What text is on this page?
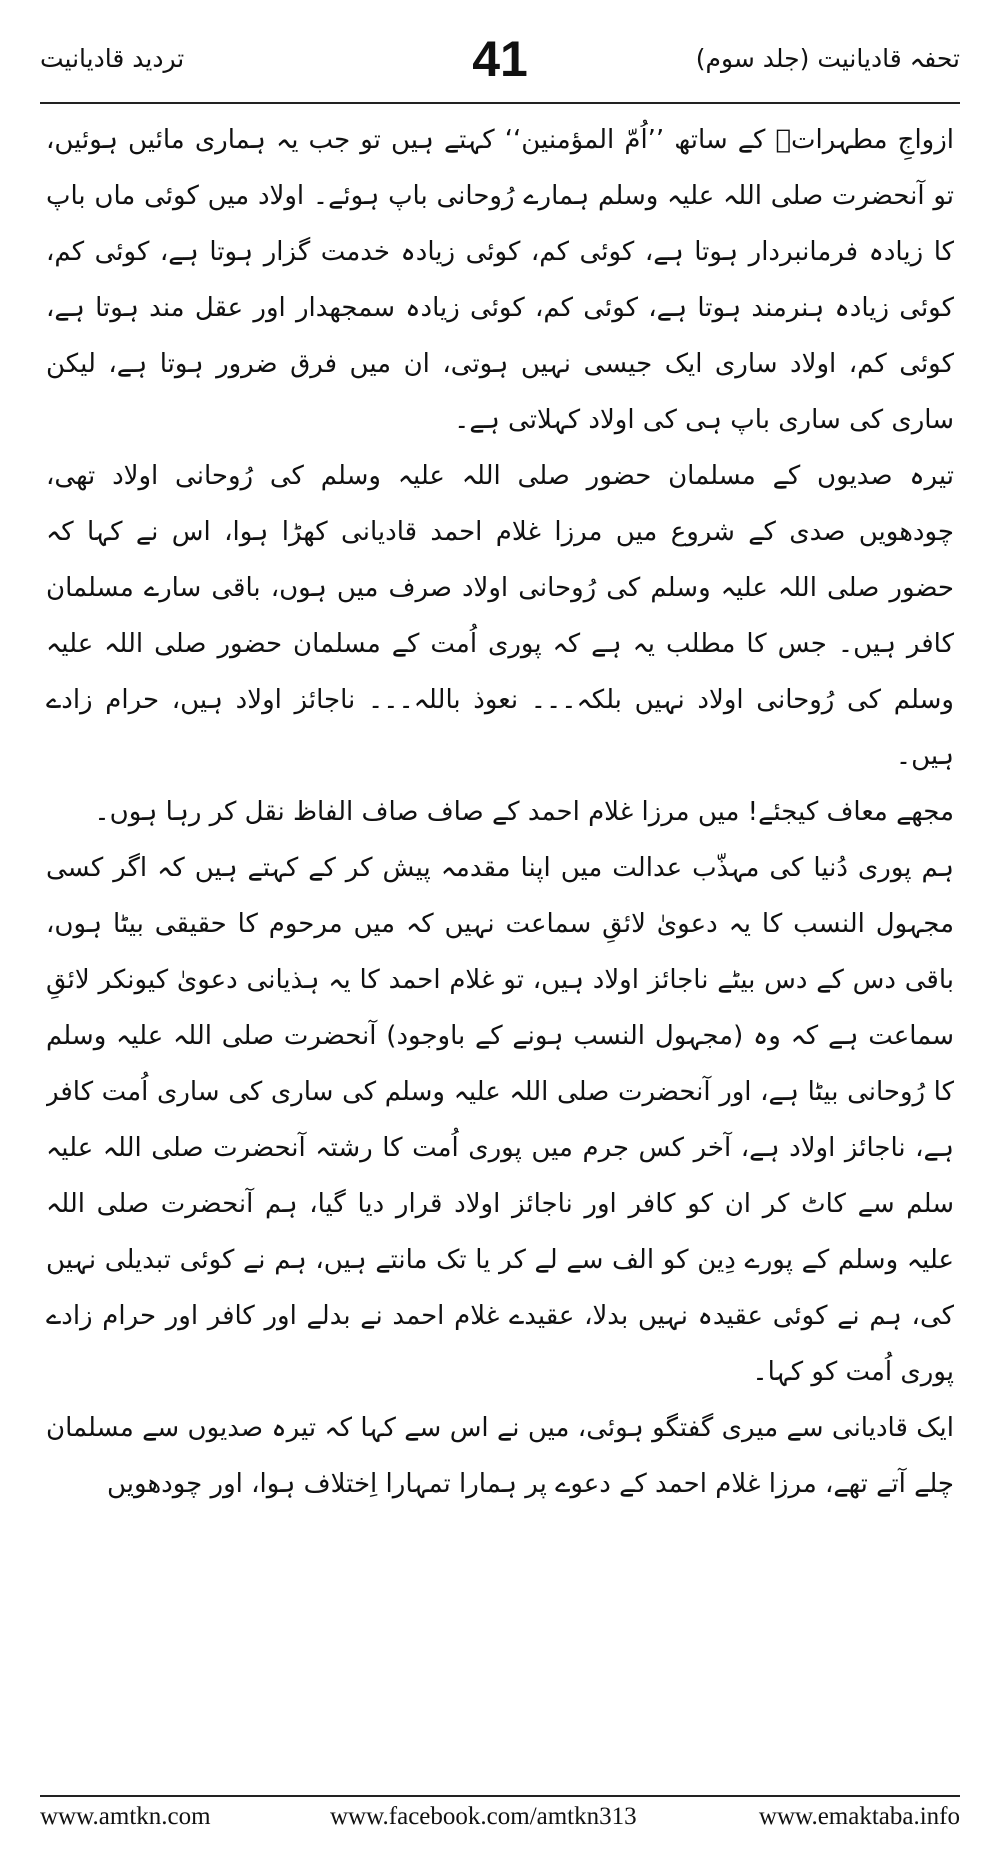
تردید قادیانیت	41	تحفہ قادیانیت (جلد سوم)

ازواجِ مطہراتؓ کے ساتھ ’’اُمّ المؤمنین‘‘ کہتے ہیں تو جب یہ ہماری مائیں ہوئیں، تو آنحضرت صلی اللہ علیہ وسلم ہمارے رُوحانی باپ ہوئے۔ اولاد میں کوئی ماں باپ کا زیادہ فرمانبردار ہوتا ہے، کوئی کم، کوئی زیادہ خدمت گزار ہوتا ہے، کوئی کم، کوئی زیادہ ہنرمند ہوتا ہے، کوئی کم، کوئی زیادہ سمجھدار اور عقل مند ہوتا ہے، کوئی کم، اولاد ساری ایک جیسی نہیں ہوتی، ان میں فرق ضرور ہوتا ہے، لیکن ساری کی ساری باپ ہی کی اولاد کہلاتی ہے۔

تیرہ صدیوں کے مسلمان حضور صلی اللہ علیہ وسلم کی رُوحانی اولاد تھی، چودھویں صدی کے شروع میں مرزا غلام احمد قادیانی کھڑا ہوا، اس نے کہا کہ حضور صلی اللہ علیہ وسلم کی رُوحانی اولاد صرف میں ہوں، باقی سارے مسلمان کافر ہیں۔ جس کا مطلب یہ ہے کہ پوری اُمت کے مسلمان حضور صلی اللہ علیہ وسلم کی رُوحانی اولاد نہیں بلکہ۔۔۔ نعوذ باللہ۔۔۔ ناجائز اولاد ہیں، حرام زادے ہیں۔

مجھے معاف کیجئے! میں مرزا غلام احمد کے صاف صاف الفاظ نقل کر رہا ہوں۔

ہم پوری دُنیا کی مہذّب عدالت میں اپنا مقدمہ پیش کر کے کہتے ہیں کہ اگر کسی مجہول النسب کا یہ دعویٰ لائقِ سماعت نہیں کہ میں مرحوم کا حقیقی بیٹا ہوں، باقی دس کے دس بیٹے ناجائز اولاد ہیں، تو غلام احمد کا یہ ہذیانی دعویٰ کیونکر لائقِ سماعت ہے کہ وہ (مجہول النسب ہونے کے باوجود) آنحضرت صلی اللہ علیہ وسلم کا رُوحانی بیٹا ہے، اور آنحضرت صلی اللہ علیہ وسلم کی ساری کی ساری اُمت کافر ہے، ناجائز اولاد ہے، آخر کس جرم میں پوری اُمت کا رشتہ آنحضرت صلی اللہ علیہ سلم سے کاٹ کر ان کو کافر اور ناجائز اولاد قرار دیا گیا، ہم آنحضرت صلی اللہ علیہ وسلم کے پورے دِین کو الف سے لے کر یا تک مانتے ہیں، ہم نے کوئی تبدیلی نہیں کی، ہم نے کوئی عقیدہ نہیں بدلا، عقیدے غلام احمد نے بدلے اور کافر اور حرام زادے پوری اُمت کو کہا۔

ایک قادیانی سے میری گفتگو ہوئی، میں نے اس سے کہا کہ تیرہ صدیوں سے مسلمان چلے آتے تھے، مرزا غلام احمد کے دعوے پر ہمارا تمہارا اِختلاف ہوا، اور چودھویں

www.amtkn.com	www.facebook.com/amtkn313	www.emaktaba.info
